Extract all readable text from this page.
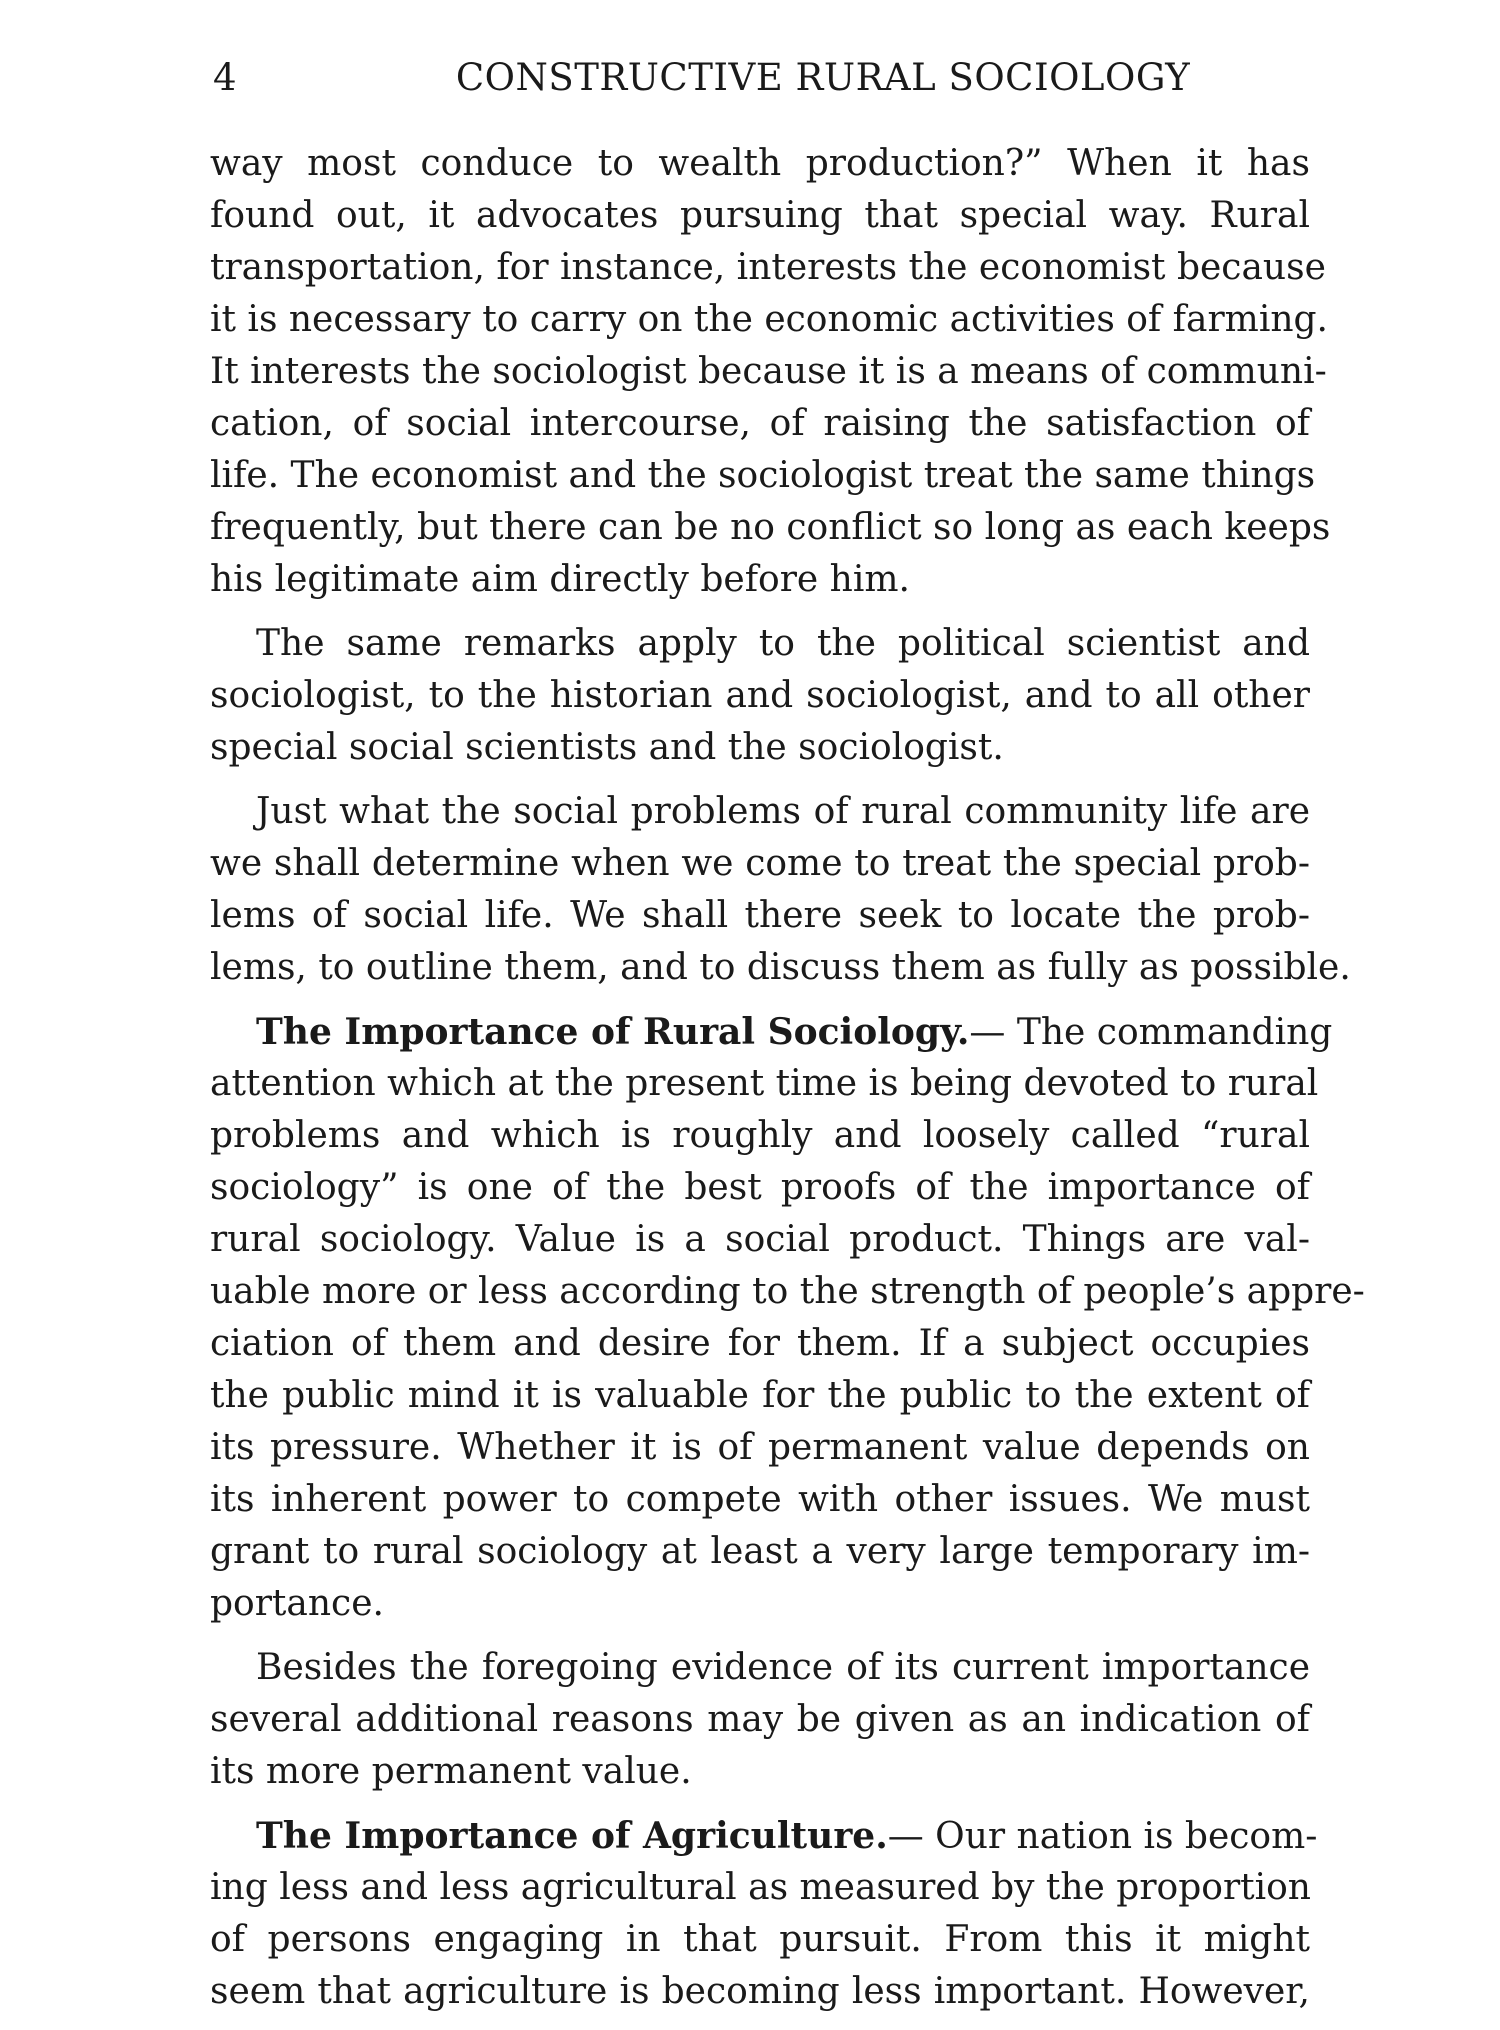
4	CONSTRUCTIVE RURAL SOCIOLOGY
way most conduce to wealth production?” When it has
found out, it advocates pursuing that special way. Rural
transportation, for instance, interests the economist because
it is necessary to carry on the economic activities of farming.
It interests the sociologist because it is a means of communi-
cation, of social intercourse, of raising the satisfaction of
life. The economist and the sociologist treat the same things
frequently, but there can be no conflict so long as each keeps
his legitimate aim directly before him.
The same remarks apply to the political scientist and
sociologist, to the historian and sociologist, and to all other
special social scientists and the sociologist.
Just what the social problems of rural community life are
we shall determine when we come to treat the special prob-
lems of social life. We shall there seek to locate the prob-
lems, to outline them, and to discuss them as fully as possible.
The Importance of Rural Sociology.— The commanding
attention which at the present time is being devoted to rural
problems and which is roughly and loosely called “rural
sociology” is one of the best proofs of the importance of
rural sociology. Value is a social product. Things are val-
uable more or less according to the strength of people’s appre-
ciation of them and desire for them. If a subject occupies
the public mind it is valuable for the public to the extent of
its pressure. Whether it is of permanent value depends on
its inherent power to compete with other issues. We must
grant to rural sociology at least a very large temporary im-
portance.
Besides the foregoing evidence of its current importance
several additional reasons may be given as an indication of
its more permanent value.
The Importance of Agriculture.— Our nation is becom-
ing less and less agricultural as measured by the proportion
of persons engaging in that pursuit. From this it might
seem that agriculture is becoming less important. However,
